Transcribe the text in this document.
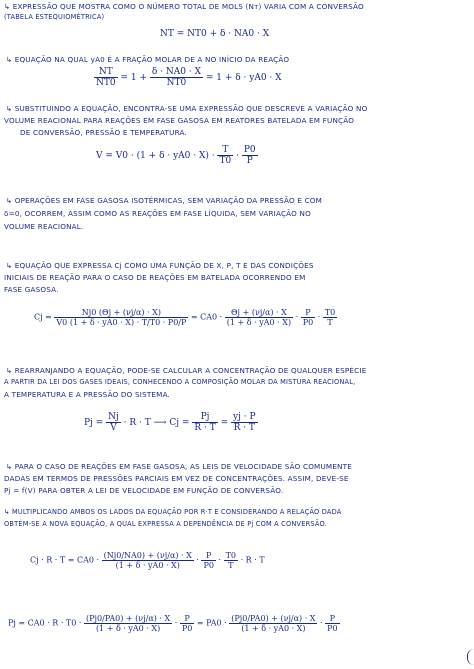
↳ EXPRESSÃO QUE MOSTRA COMO O NÚMERO TOTAL DE MOLS (Nт) VARIA COM A CONVERSÃO
(TABELA ESTEQUIOMÉTRICA)
NT = NT0 + δ · NA0 · X
↳ EQUAÇÃO NA QUAL yA0 É A FRAÇÃO MOLAR DE A NO INÍCIO DA REAÇÃO
$\frac{NT}{NT0} = 1 + \frac{\delta \cdot NA0 \cdot X}{NT0} = 1 + \delta \cdot yA0 \cdot X$
↳ SUBSTITUINDO A EQUAÇÃO, ENCONTRA-SE UMA EXPRESSÃO QUE DESCREVE A VARIAÇÃO NO
VOLUME REACIONAL PARA REAÇÕES EM FASE GASOSA EM REATORES BATELADA EM FUNÇÃO
DE CONVERSÃO, PRESSÃO E TEMPERATURA.
$V = V0 \cdot (1 + \delta \cdot yA0 \cdot X) \cdot \frac{T}{T0} \cdot \frac{P0}{P}$
↳ OPERAÇÕES EM FASE GASOSA ISOTÉRMICAS, SEM VARIAÇÃO DA PRESSÃO E COM
δ=0, OCORREM, ASSIM COMO AS REAÇÕES EM FASE LÍQUIDA, SEM VARIAÇÃO NO
VOLUME REACIONAL.
↳ EQUAÇÃO QUE EXPRESSA Cj COMO UMA FUNÇÃO DE X, P, T E DAS CONDIÇÕES
INICIAIS DE REAÇÃO PARA O CASO DE REAÇÕES EM BATELADA OCORRENDO EM
FASE GASOSA.
$Cj = \frac{Nj0 (\Theta j + (\nu j/\alpha) \cdot X)}{V0 (1 + \delta \cdot yA0 \cdot X) \cdot T/T0 \cdot P0/P} = CA0 \cdot \frac{\Theta j + (\nu j/\alpha) \cdot X}{(1 + \delta \cdot yA0 \cdot X)} \cdot \frac{P}{P0} \cdot \frac{T0}{T}$
↳ REARRANJANDO A EQUAÇÃO, PODE-SE CALCULAR A CONCENTRAÇÃO DE QUALQUER ESPÉCIE
A PARTIR DA LEI DOS GASES IDEAIS, CONHECENDO A COMPOSIÇÃO MOLAR DA MISTURA REACIONAL,
A TEMPERATURA E A PRESSÃO DO SISTEMA.
$Pj = \frac{Nj}{V} \cdot R \cdot T$ ⟶ $Cj = \frac{Pj}{R \cdot T} = \frac{yj \cdot P}{R \cdot T}$
↳ PARA O CASO DE REAÇÕES EM FASE GASOSA, AS LEIS DE VELOCIDADE SÃO COMUMENTE
DADAS EM TERMOS DE PRESSÕES PARCIAIS EM VEZ DE CONCENTRAÇÕES. ASSIM, DEVE-SE
Pj = f(V) PARA OBTER A LEI DE VELOCIDADE EM FUNÇÃO DE CONVERSÃO.
↳ MULTIPLICANDO AMBOS OS LADOS DA EQUAÇÃO POR R·T E CONSIDERANDO A RELAÇÃO DADA
OBTÉM-SE A NOVA EQUAÇÃO, A QUAL EXPRESSA A DEPENDÊNCIA DE Pj COM A CONVERSÃO.
$Cj \cdot R \cdot T = CA0 \cdot \frac{(Nj0/NA0) + (\nu j/\alpha) \cdot X}{(1 + \delta \cdot yA0 \cdot X)} \cdot \frac{P}{P0} \cdot \frac{T0}{T} \cdot R \cdot T$
$Pj = CA0 \cdot R \cdot T0 \cdot \frac{(Pj0/PA0) + (\nu j/\alpha) \cdot X}{(1 + \delta \cdot yA0 \cdot X)} \cdot \frac{P}{P0} = PA0 \cdot \frac{(Pj0/PA0) + (\nu j/\alpha) \cdot X}{(1 + \delta \cdot yA0 \cdot X)} \cdot \frac{P}{P0}$
